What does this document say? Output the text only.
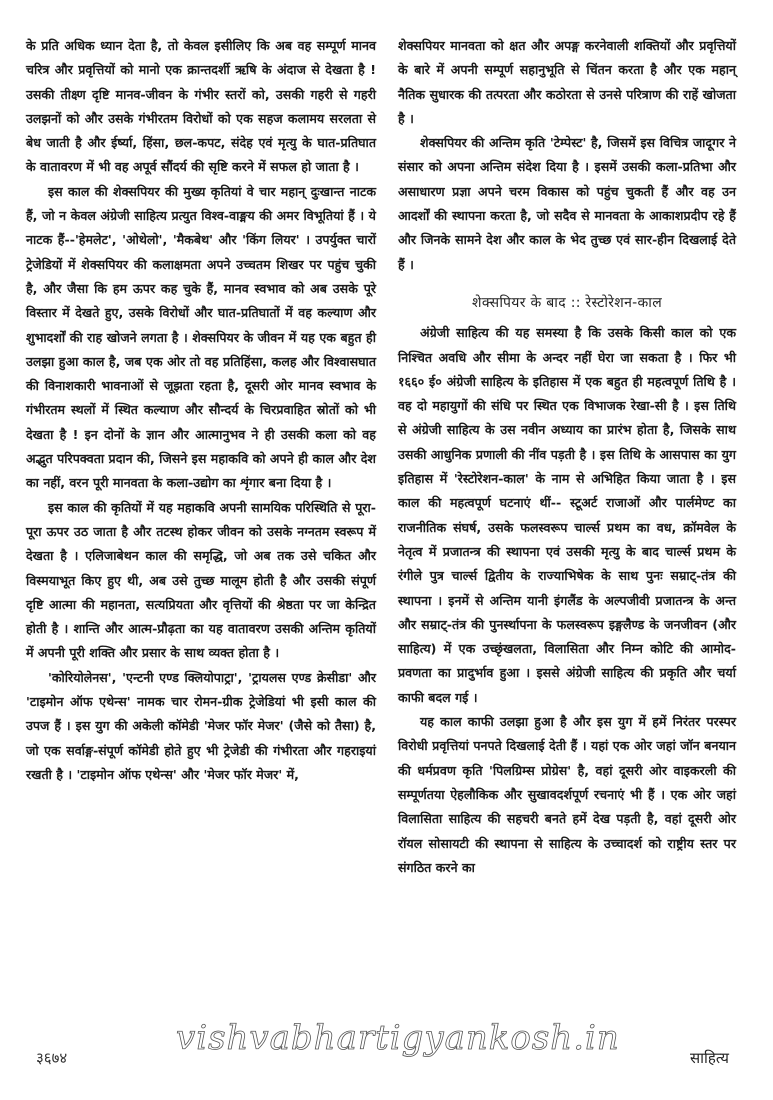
के प्रति अधिक ध्यान देता है, तो केवल इसीलिए कि अब वह सम्पूर्ण मानव चरित्र और प्रवृत्तियों को मानो एक क्रान्तदर्शी ऋषि के अंदाज से देखता है ! उसकी तीक्ष्ण दृष्टि मानव-जीवन के गंभीर स्तरों को, उसकी गहरी से गहरी उलझनों को और उसके गंभीरतम विरोधों को एक सहज कलामय सरलता से बेध जाती है और ईर्ष्या, हिंसा, छल-कपट, संदेह एवं मृत्यु के घात-प्रतिघात के वातावरण में भी वह अपूर्व सौंदर्य की सृष्टि करने में सफल हो जाता है ।

इस काल की शेक्सपियर की मुख्य कृतियां वे चार महान् दुःखान्त नाटक हैं, जो न केवल अंग्रेजी साहित्य प्रत्युत विश्व-वाङ्मय की अमर विभूतियां हैं । ये नाटक हैं--'हेमलेट', 'ओथेलो', 'मैकबेथ' और 'किंग लियर' । उपर्युक्त चारों ट्रेजेडियों में शेक्सपियर की कलाक्षमता अपने उच्चतम शिखर पर पहुंच चुकी है, और जैसा कि हम ऊपर कह चुके हैं, मानव स्वभाव को अब उसके पूरे विस्तार में देखते हुए, उसके विरोधों और घात-प्रतिघातों में वह कल्याण और शुभादर्शों की राह खोजने लगता है । शेक्सपियर के जीवन में यह एक बहुत ही उलझा हुआ काल है, जब एक ओर तो वह प्रतिहिंसा, कलह और विश्वासघात की विनाशकारी भावनाओं से जूझता रहता है, दूसरी ओर मानव स्वभाव के गंभीरतम स्थलों में स्थित कल्याण और सौन्दर्य के चिरप्रवाहित स्रोतों को भी देखता है ! इन दोनों के ज्ञान और आत्मानुभव ने ही उसकी कला को वह अद्भुत परिपक्वता प्रदान की, जिसने इस महाकवि को अपने ही काल और देश का नहीं, वरन पूरी मानवता के कला-उद्योग का शृंगार बना दिया है ।

इस काल की कृतियों में यह महाकवि अपनी सामयिक परिस्थिति से पूरा-पूरा ऊपर उठ जाता है और तटस्थ होकर जीवन को उसके नग्नतम स्वरूप में देखता है । एलिजाबेथन काल की समृद्धि, जो अब तक उसे चकित और विस्मयाभूत किए हुए थी, अब उसे तुच्छ मालूम होती है और उसकी संपूर्ण दृष्टि आत्मा की महानता, सत्यप्रियता और वृत्तियों की श्रेष्ठता पर जा केन्द्रित होती है । शान्ति और आत्म-प्रौढ़ता का यह वातावरण उसकी अन्तिम कृतियों में अपनी पूरी शक्ति और प्रसार के साथ व्यक्त होता है ।

'कोरियोलेनस', 'एन्टनी एण्ड क्लियोपाट्रा', 'ट्रायलस एण्ड क्रेसीडा' और 'टाइमोन ऑफ एथेन्स' नामक चार रोमन-ग्रीक ट्रेजेडियां भी इसी काल की उपज हैं । इस युग की अकेली कॉमेडी 'मेजर फॉर मेजर' (जैसे को तैसा) है, जो एक सर्वाङ्ग-संपूर्ण कॉमेडी होते हुए भी ट्रेजेडी की गंभीरता और गहराइयां रखती है । 'टाइमोन ऑफ एथेन्स' और 'मेजर फॉर मेजर' में,

शेक्सपियर मानवता को क्षत और अपङ्ग करनेवाली शक्तियों और प्रवृत्तियों के बारे में अपनी सम्पूर्ण सहानुभूति से चिंतन करता है और एक महान् नैतिक सुधारक की तत्परता और कठोरता से उनसे परित्राण की राहें खोजता है ।

शेक्सपियर की अन्तिम कृति 'टेम्पेस्ट' है, जिसमें इस विचित्र जादूगर ने संसार को अपना अन्तिम संदेश दिया है । इसमें उसकी कला-प्रतिभा और असाधारण प्रज्ञा अपने चरम विकास को पहुंच चुकती हैं और वह उन आदर्शों की स्थापना करता है, जो सदैव से मानवता के आकाशप्रदीप रहे हैं और जिनके सामने देश और काल के भेद तुच्छ एवं सार-हीन दिखलाई देते हैं ।

शेक्सपियर के बाद :: रेस्टोरेशन-काल

अंग्रेजी साहित्य की यह समस्या है कि उसके किसी काल को एक निश्चित अवधि और सीमा के अन्दर नहीं घेरा जा सकता है । फिर भी १६६० ई० अंग्रेजी साहित्य के इतिहास में एक बहुत ही महत्वपूर्ण तिथि है । वह दो महायुगों की संधि पर स्थित एक विभाजक रेखा-सी है । इस तिथि से अंग्रेजी साहित्य के उस नवीन अध्याय का प्रारंभ होता है, जिसके साथ उसकी आधुनिक प्रणाली की नींव पड़ती है । इस तिथि के आसपास का युग इतिहास में 'रेस्टोरेशन-काल' के नाम से अभिहित किया जाता है । इस काल की महत्वपूर्ण घटनाएं थीं-- स्टूअर्ट राजाओं और पार्लमेण्ट का राजनीतिक संघर्ष, उसके फलस्वरूप चार्ल्स प्रथम का वध, क्रॉमवेल के नेतृत्व में प्रजातन्त्र की स्थापना एवं उसकी मृत्यु के बाद चार्ल्स प्रथम के रंगीले पुत्र चार्ल्स द्वितीय के राज्याभिषेक के साथ पुनः सम्राट्-तंत्र की स्थापना । इनमें से अन्तिम यानी इंगलैंड के अल्पजीवी प्रजातन्त्र के अन्त और सम्राट्-तंत्र की पुनर्स्थापना के फलस्वरूप इङ्गलैण्ड के जनजीवन (और साहित्य) में एक उच्छृंखलता, विलासिता और निम्न कोटि की आमोद-प्रवणता का प्रादुर्भाव हुआ । इससे अंग्रेजी साहित्य की प्रकृति और चर्या काफी बदल गई ।

यह काल काफी उलझा हुआ है और इस युग में हमें निरंतर परस्पर विरोधी प्रवृत्तियां पनपते दिखलाई देती हैं । यहां एक ओर जहां जॉन बनयान की धर्मप्रवण कृति 'पिलग्रिम्स प्रोग्रेस' है, वहां दूसरी ओर वाइकरली की सम्पूर्णतया ऐहलौकिक और सुखावदर्शपूर्ण रचनाएं भी हैं । एक ओर जहां विलासिता साहित्य की सहचरी बनते हमें देख पड़ती है, वहां दूसरी ओर रॉयल सोसायटी की स्थापना से साहित्य के उच्चादर्श को राष्ट्रीय स्तर पर संगठित करने का

vishvabhartigyankosh.in
३६७४	साहित्य
